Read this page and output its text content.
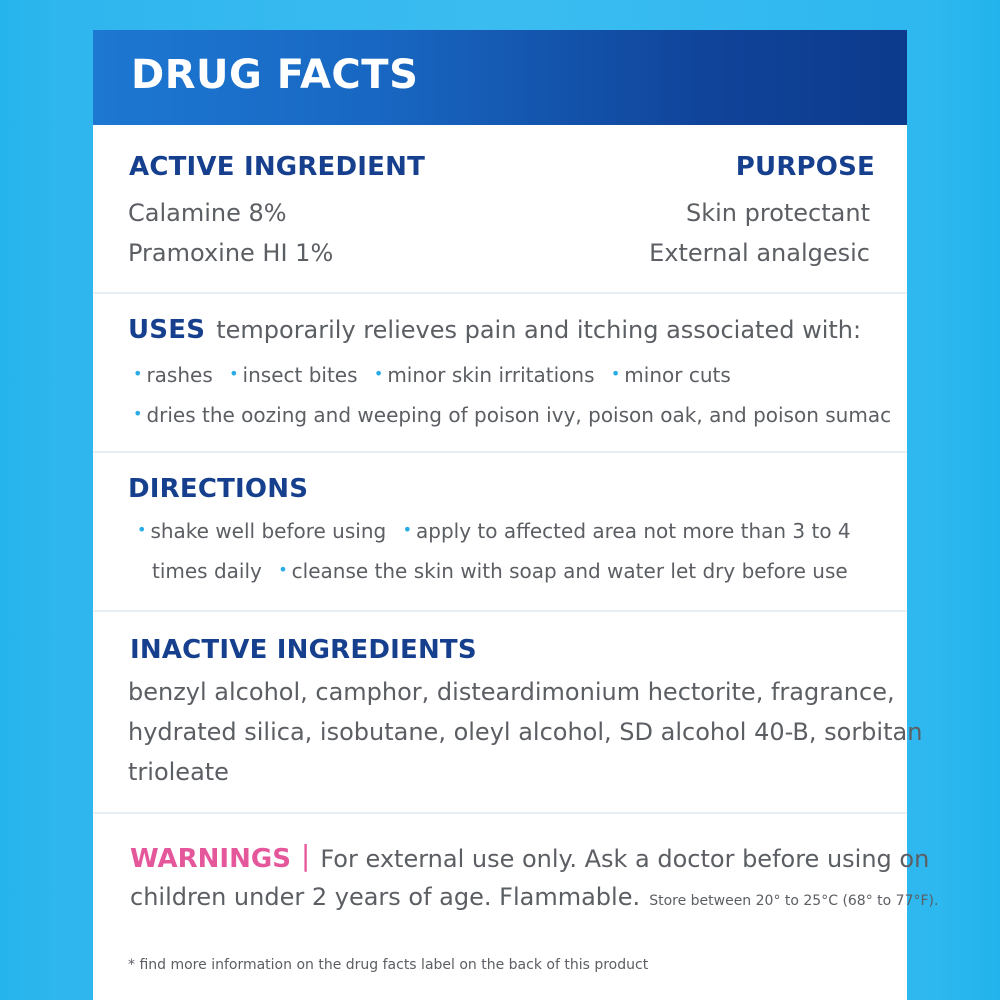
DRUG FACTS
ACTIVE INGREDIENT	PURPOSE
Calamine 8%
Pramoxine HI 1%
Skin protectant
External analgesic
USES temporarily relieves pain and itching associated with:
• rashes • insect bites • minor skin irritations • minor cuts
• dries the oozing and weeping of poison ivy, poison oak, and poison sumac
DIRECTIONS
• shake well before using • apply to affected area not more than 3 to 4
times daily • cleanse the skin with soap and water let dry before use
INACTIVE INGREDIENTS
benzyl alcohol, camphor, disteardimonium hectorite, fragrance,
hydrated silica, isobutane, oleyl alcohol, SD alcohol 40-B, sorbitan
trioleate
WARNINGS | For external use only. Ask a doctor before using on
children under 2 years of age. Flammable. Store between 20° to 25°C (68° to 77°F).
* find more information on the drug facts label on the back of this product
